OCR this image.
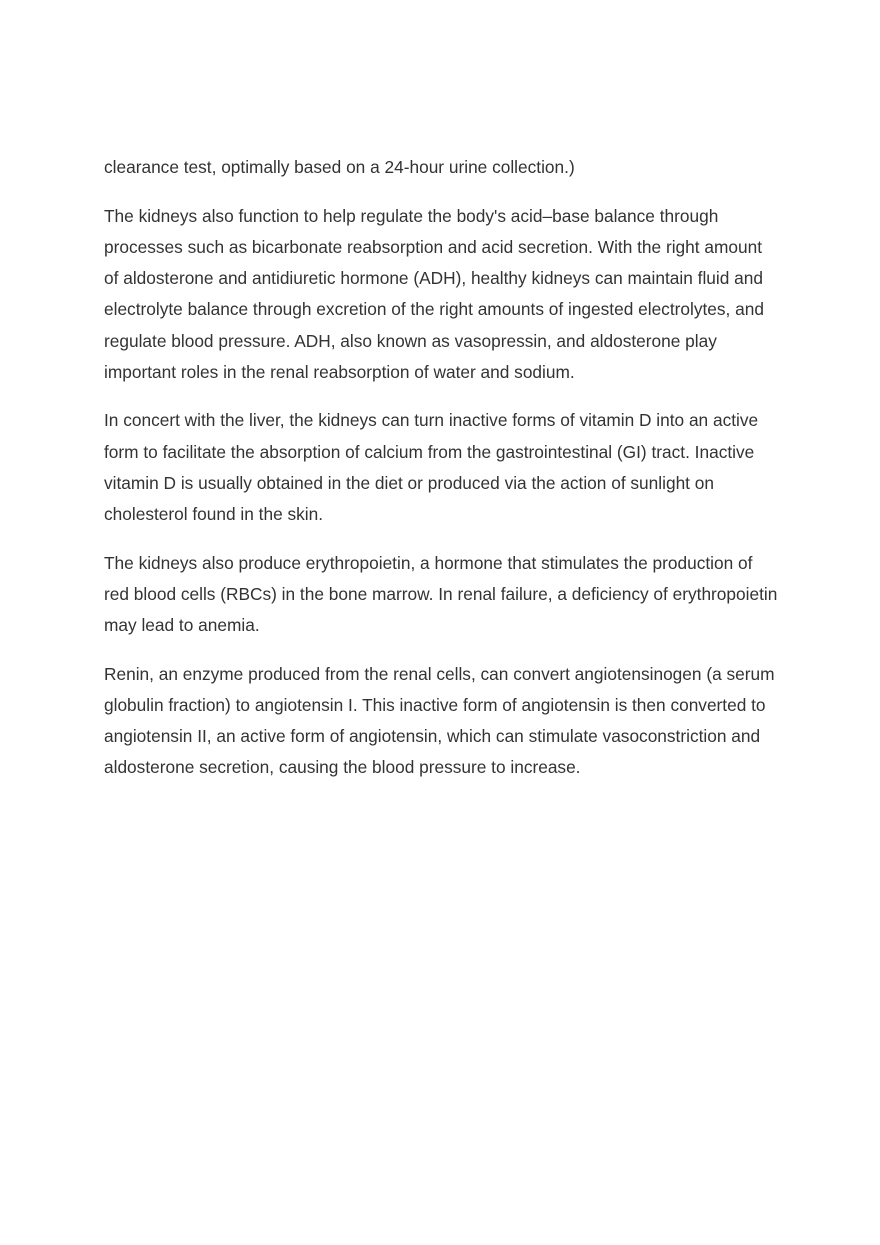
clearance test, optimally based on a 24-hour urine collection.)

The kidneys also function to help regulate the body's acid–base balance through
processes such as bicarbonate reabsorption and acid secretion. With the right amount
of aldosterone and antidiuretic hormone (ADH), healthy kidneys can maintain fluid and
electrolyte balance through excretion of the right amounts of ingested electrolytes, and
regulate blood pressure. ADH, also known as vasopressin, and aldosterone play
important roles in the renal reabsorption of water and sodium.

In concert with the liver, the kidneys can turn inactive forms of vitamin D into an active
form to facilitate the absorption of calcium from the gastrointestinal (GI) tract. Inactive
vitamin D is usually obtained in the diet or produced via the action of sunlight on
cholesterol found in the skin.

The kidneys also produce erythropoietin, a hormone that stimulates the production of
red blood cells (RBCs) in the bone marrow. In renal failure, a deficiency of erythropoietin
may lead to anemia.

Renin, an enzyme produced from the renal cells, can convert angiotensinogen (a serum
globulin fraction) to angiotensin I. This inactive form of angiotensin is then converted to
angiotensin II, an active form of angiotensin, which can stimulate vasoconstriction and
aldosterone secretion, causing the blood pressure to increase.
